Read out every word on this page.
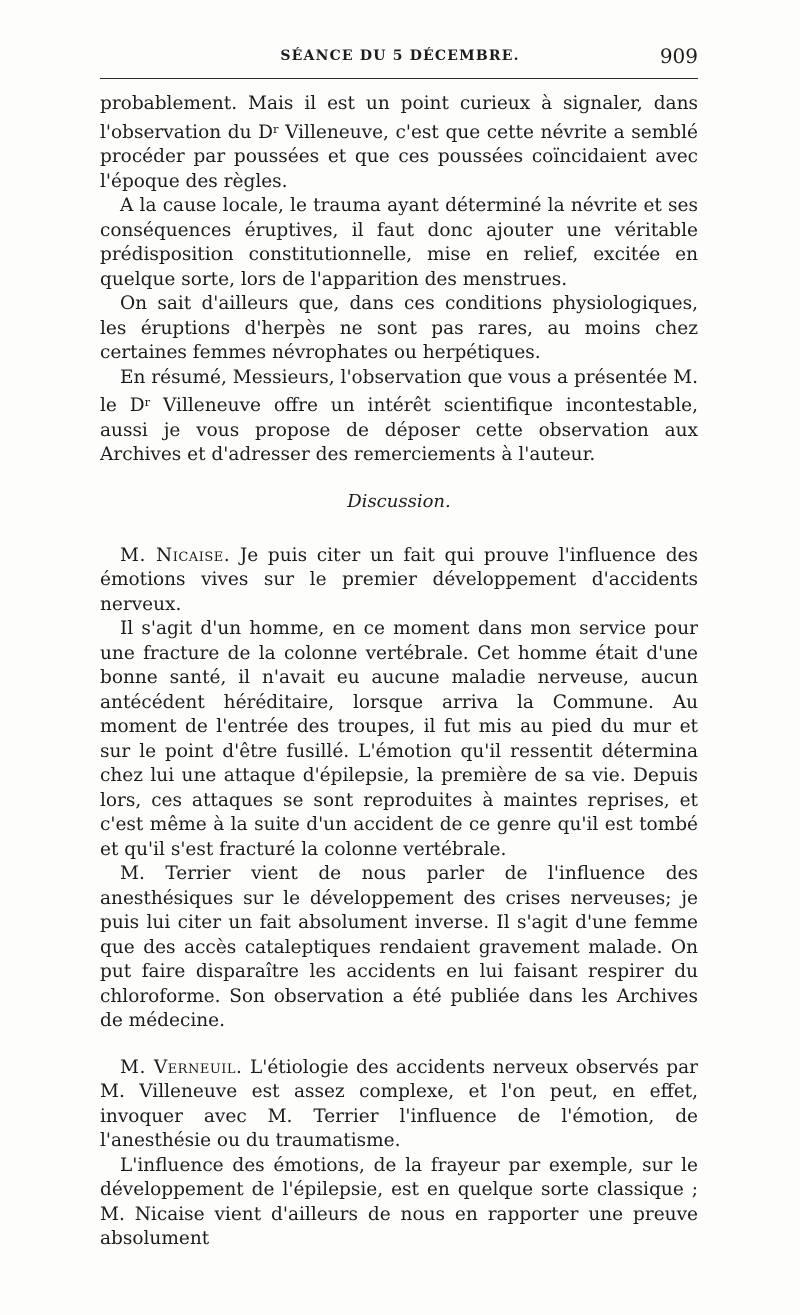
SÉANCE DU 5 DÉCEMBRE.	909

probablement. Mais il est un point curieux à signaler, dans l'observation du $D^r$ Villeneuve, c'est que cette névrite a semblé procéder par poussées et que ces poussées coïncidaient avec l'époque des règles.

A la cause locale, le trauma ayant déterminé la névrite et ses conséquences éruptives, il faut donc ajouter une véritable prédisposition constitutionnelle, mise en relief, excitée en quelque sorte, lors de l'apparition des menstrues.

On sait d'ailleurs que, dans ces conditions physiologiques, les éruptions d'herpès ne sont pas rares, au moins chez certaines femmes névrophates ou herpétiques.

En résumé, Messieurs, l'observation que vous a présentée M. le $D^r$ Villeneuve offre un intérêt scientifique incontestable, aussi je vous propose de déposer cette observation aux Archives et d'adresser des remerciements à l'auteur.

Discussion.

M. Nicaise. Je puis citer un fait qui prouve l'influence des émotions vives sur le premier développement d'accidents nerveux.

Il s'agit d'un homme, en ce moment dans mon service pour une fracture de la colonne vertébrale. Cet homme était d'une bonne santé, il n'avait eu aucune maladie nerveuse, aucun antécédent héréditaire, lorsque arriva la Commune. Au moment de l'entrée des troupes, il fut mis au pied du mur et sur le point d'être fusillé. L'émotion qu'il ressentit détermina chez lui une attaque d'épilepsie, la première de sa vie. Depuis lors, ces attaques se sont reproduites à maintes reprises, et c'est même à la suite d'un accident de ce genre qu'il est tombé et qu'il s'est fracturé la colonne vertébrale.

M. Terrier vient de nous parler de l'influence des anesthésiques sur le développement des crises nerveuses; je puis lui citer un fait absolument inverse. Il s'agit d'une femme que des accès cataleptiques rendaient gravement malade. On put faire disparaître les accidents en lui faisant respirer du chloroforme. Son observation a été publiée dans les Archives de médecine.

M. Verneuil. L'étiologie des accidents nerveux observés par M. Villeneuve est assez complexe, et l'on peut, en effet, invoquer avec M. Terrier l'influence de l'émotion, de l'anesthésie ou du traumatisme.

L'influence des émotions, de la frayeur par exemple, sur le développement de l'épilepsie, est en quelque sorte classique ; M. Nicaise vient d'ailleurs de nous en rapporter une preuve absolument
